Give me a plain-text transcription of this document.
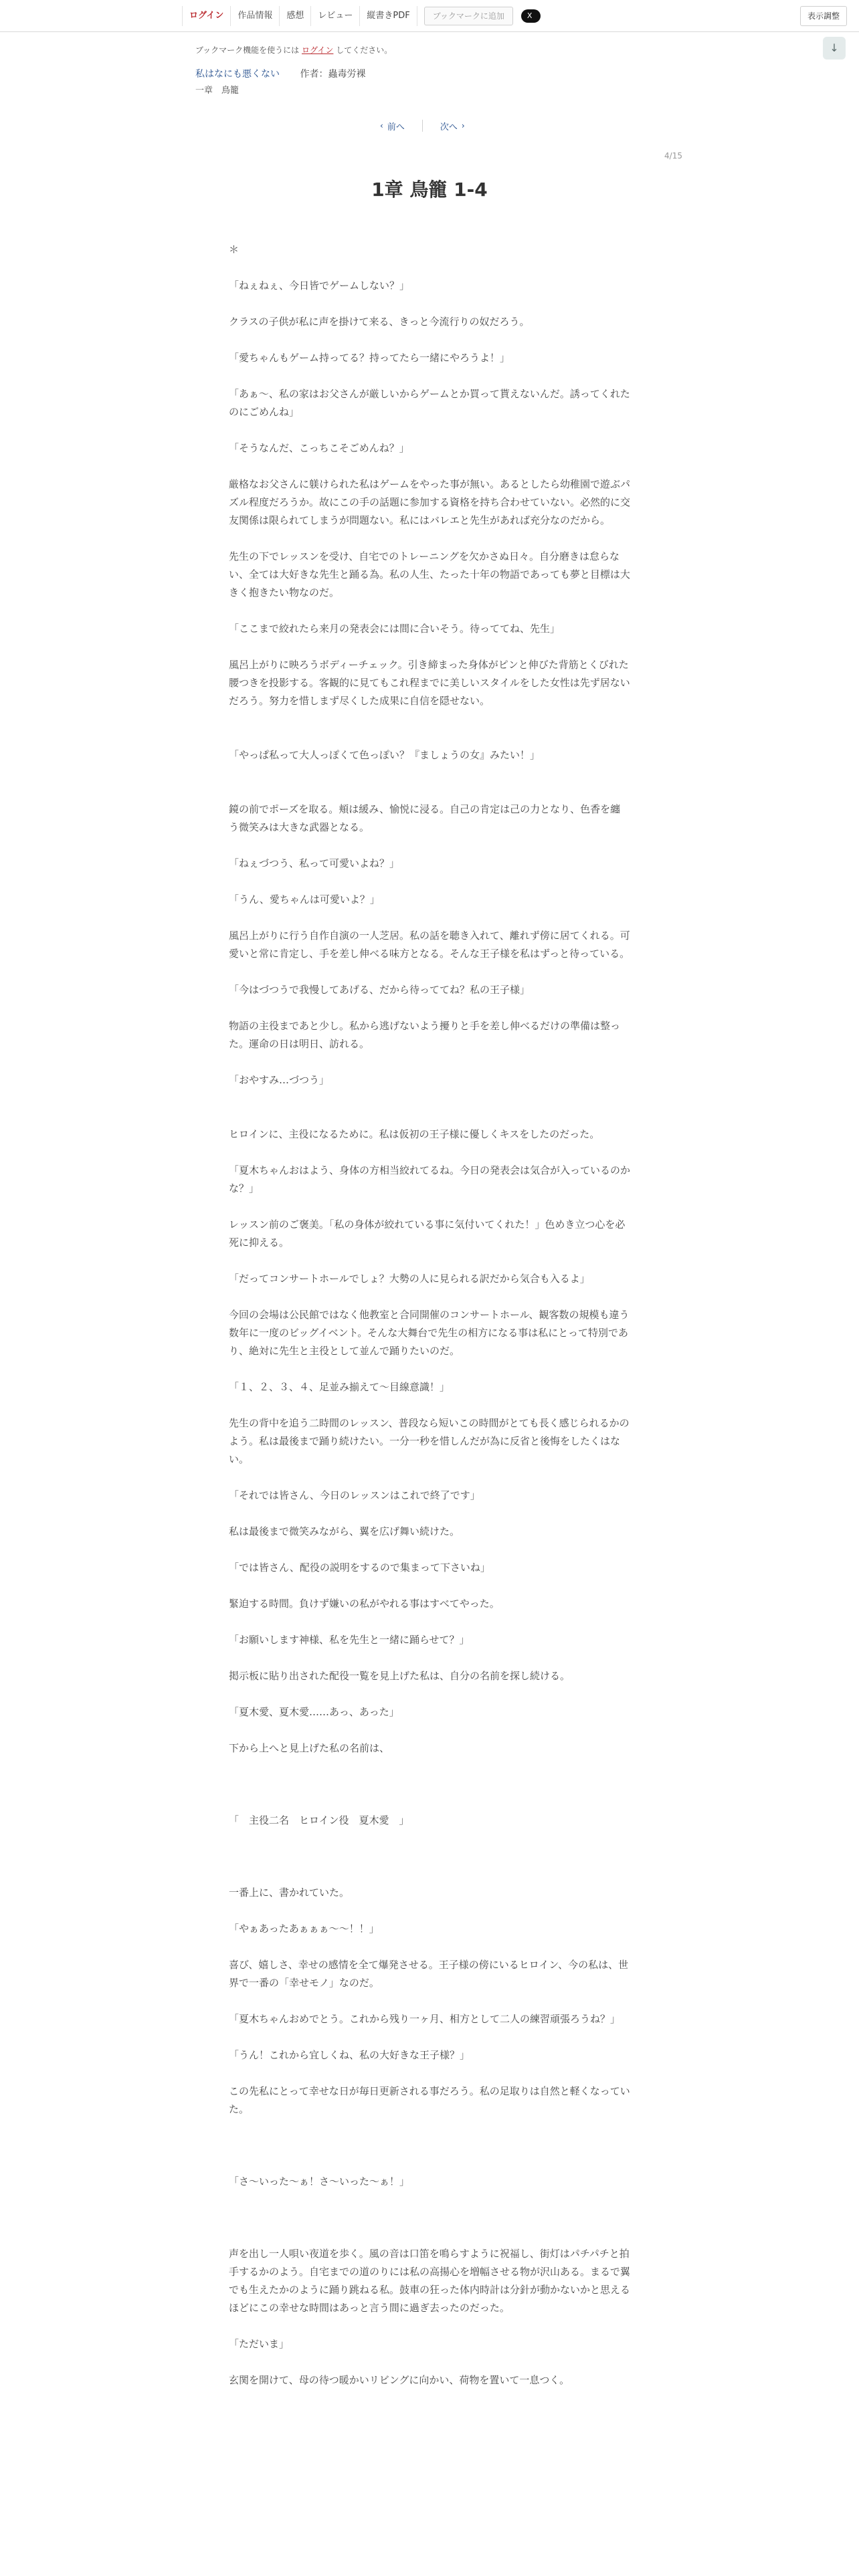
ログイン	作品情報	感想	レビュー	縦書きPDF	ブックマークに追加	X	表示調整
↓
ブックマーク機能を使うには ログイン してください。
私はなにも悪くない 作者：蟲毒労裸
一章　鳥籠
‹ 前へ	次へ ›
4/15
1章 鳥籠 1-4

＊

「ねぇねぇ、今日皆でゲームしない？」

クラスの子供が私に声を掛けて来る、きっと今流行りの奴だろう。

「愛ちゃんもゲーム持ってる？持ってたら一緒にやろうよ！」

「あぁ〜、私の家はお父さんが厳しいからゲームとか買って貰えないんだ。誘ってくれたのにごめんね」

「そうなんだ、こっちこそごめんね？」

厳格なお父さんに躾けられた私はゲームをやった事が無い。あるとしたら幼稚園で遊ぶパズル程度だろうか。故にこの手の話題に参加する資格を持ち合わせていない。必然的に交友関係は限られてしまうが問題ない。私にはバレエと先生があれば充分なのだから。

先生の下でレッスンを受け、自宅でのトレーニングを欠かさぬ日々。自分磨きは怠らない、全ては大好きな先生と踊る為。私の人生、たった十年の物語であっても夢と目標は大きく抱きたい物なのだ。

「ここまで絞れたら来月の発表会には間に合いそう。待っててね、先生」

風呂上がりに映ろうボディーチェック。引き締まった身体がピンと伸びた背筋とくびれた腰つきを投影する。客観的に見てもこれ程までに美しいスタイルをした女性は先ず居ないだろう。努力を惜しまず尽くした成果に自信を隠せない。

「やっぱ私って大人っぽくて色っぽい？『ましょうの女』みたい！」

鏡の前でポーズを取る。頬は緩み、愉悦に浸る。自己の肯定は己の力となり、色香を纏う微笑みは大きな武器となる。

「ねぇづつう、私って可愛いよね？」

「うん、愛ちゃんは可愛いよ？」

風呂上がりに行う自作自演の一人芝居。私の話を聴き入れて、離れず傍に居てくれる。可愛いと常に肯定し、手を差し伸べる味方となる。そんな王子様を私はずっと待っている。

「今はづつうで我慢してあげる、だから待っててね？私の王子様」

物語の主役まであと少し。私から逃げないよう擾りと手を差し伸べるだけの準備は整った。運命の日は明日、訪れる。

「おやすみ…づつう」

ヒロインに、主役になるために。私は仮初の王子様に優しくキスをしたのだった。

「夏木ちゃんおはよう、身体の方相当絞れてるね。今日の発表会は気合が入っているのかな？」

レッスン前のご褒美。「私の身体が絞れている事に気付いてくれた！」色めき立つ心を必死に抑える。

「だってコンサートホールでしょ？大勢の人に見られる訳だから気合も入るよ」

今回の会場は公民館ではなく他教室と合同開催のコンサートホール、観客数の規模も違う数年に一度のビッグイベント。そんな大舞台で先生の相方になる事は私にとって特別であり、絶対に先生と主役として並んで踊りたいのだ。

「１、２、３、４、足並み揃えて〜目線意識！」

先生の背中を追う二時間のレッスン、普段なら短いこの時間がとても長く感じられるかのよう。私は最後まで踊り続けたい。一分一秒を惜しんだが為に反省と後悔をしたくはない。

「それでは皆さん、今日のレッスンはこれで終了です」

私は最後まで微笑みながら、翼を広げ舞い続けた。

「では皆さん、配役の説明をするので集まって下さいね」

緊迫する時間。負けず嫌いの私がやれる事はすべてやった。

「お願いします神様、私を先生と一緒に踊らせて？」

掲示板に貼り出された配役一覧を見上げた私は、自分の名前を探し続ける。

「夏木愛、夏木愛……あっ、あった」

下から上へと見上げた私の名前は、

「　主役二名　ヒロイン役　夏木愛　」

一番上に、書かれていた。

「やぁあったあぁぁぁ〜〜！！」

喜び、嬉しさ、幸せの感情を全て爆発させる。王子様の傍にいるヒロイン、今の私は、世界で一番の「幸せモノ」なのだ。

「夏木ちゃんおめでとう。これから残り一ヶ月、相方として二人の練習頑張ろうね？」

「うん！これから宜しくね、私の大好きな王子様？」

この先私にとって幸せな日が毎日更新される事だろう。私の足取りは自然と軽くなっていた。

「さ〜いった〜ぁ！さ〜いった〜ぁ！」

声を出し一人唄い夜道を歩く。風の音は口笛を鳴らすように祝福し、街灯はパチパチと拍手するかのよう。自宅までの道のりには私の高揚心を増幅させる物が沢山ある。まるで翼でも生えたかのように踊り跳ねる私。鼓車の狂った体内時計は分針が動かないかと思えるほどにこの幸せな時間はあっと言う間に過ぎ去ったのだった。

「ただいま」

玄関を開けて、母の待つ暖かいリビングに向かい、荷物を置いて一息つく。
